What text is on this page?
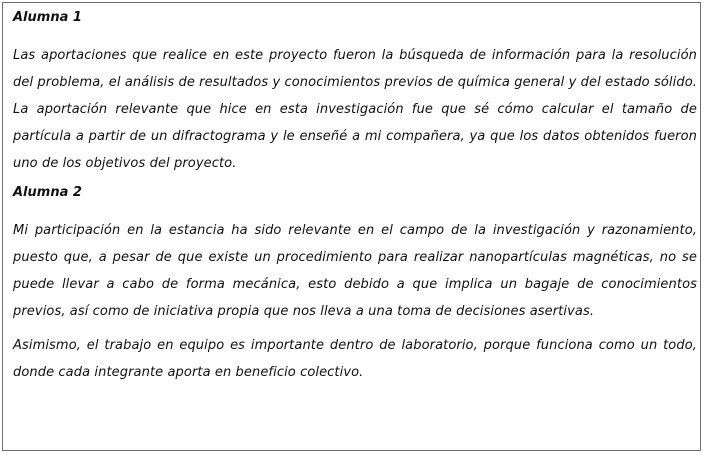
Alumna 1

Las aportaciones que realice en este proyecto fueron la búsqueda de información para la resolución del problema, el análisis de resultados y conocimientos previos de química general y del estado sólido. La aportación relevante que hice en esta investigación fue que sé cómo calcular el tamaño de partícula a partir de un difractograma y le enseñé a mi compañera, ya que los datos obtenidos fueron uno de los objetivos del proyecto.

Alumna 2

Mi participación en la estancia ha sido relevante en el campo de la investigación y razonamiento, puesto que, a pesar de que existe un procedimiento para realizar nanopartículas magnéticas, no se puede llevar a cabo de forma mecánica, esto debido a que implica un bagaje de conocimientos previos, así como de iniciativa propia que nos lleva a una toma de decisiones asertivas.

Asimismo, el trabajo en equipo es importante dentro de laboratorio, porque funciona como un todo, donde cada integrante aporta en beneficio colectivo.
